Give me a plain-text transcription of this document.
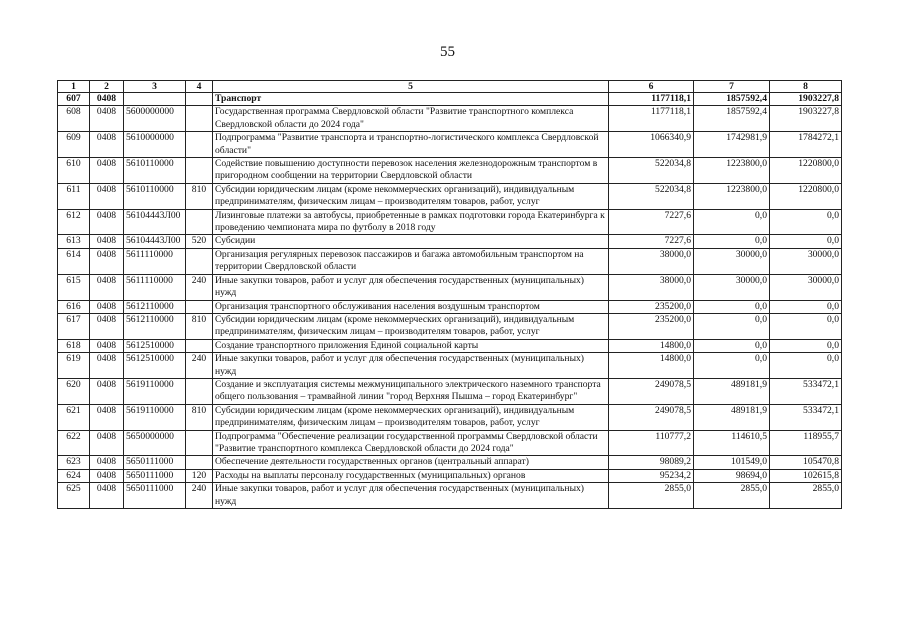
55
1	2	3	4	5	6	7	8
607	0408			Транспорт	1177118,1	1857592,4	1903227,8
608	0408	5600000000		Государственная программа Свердловской области "Развитие транспортного комплекса Свердловской области до 2024 года"	1177118,1	1857592,4	1903227,8
609	0408	5610000000		Подпрограмма "Развитие транспорта и транспортно-логистического комплекса Свердловской области"	1066340,9	1742981,9	1784272,1
610	0408	5610110000		Содействие повышению доступности перевозок населения железнодорожным транспортом в пригородном сообщении на территории Свердловской области	522034,8	1223800,0	1220800,0
611	0408	5610110000	810	Субсидии юридическим лицам (кроме некоммерческих организаций), индивидуальным предпринимателям, физическим лицам – производителям товаров, работ, услуг	522034,8	1223800,0	1220800,0
612	0408	56104443Л00		Лизинговые платежи за автобусы, приобретенные в рамках подготовки города Екатеринбурга к проведению чемпионата мира по футболу в 2018 году	7227,6	0,0	0,0
613	0408	56104443Л00	520	Субсидии	7227,6	0,0	0,0
614	0408	5611110000		Организация регулярных перевозок пассажиров и багажа автомобильным транспортом на территории Свердловской области	38000,0	30000,0	30000,0
615	0408	5611110000	240	Иные закупки товаров, работ и услуг для обеспечения государственных (муниципальных) нужд	38000,0	30000,0	30000,0
616	0408	5612110000		Организация транспортного обслуживания населения воздушным транспортом	235200,0	0,0	0,0
617	0408	5612110000	810	Субсидии юридическим лицам (кроме некоммерческих организаций), индивидуальным предпринимателям, физическим лицам – производителям товаров, работ, услуг	235200,0	0,0	0,0
618	0408	5612510000		Создание транспортного приложения Единой социальной карты	14800,0	0,0	0,0
619	0408	5612510000	240	Иные закупки товаров, работ и услуг для обеспечения государственных (муниципальных) нужд	14800,0	0,0	0,0
620	0408	5619110000		Создание и эксплуатация системы межмуниципального электрического наземного транспорта общего пользования – трамвайной линии "город Верхняя Пышма – город Екатеринбург"	249078,5	489181,9	533472,1
621	0408	5619110000	810	Субсидии юридическим лицам (кроме некоммерческих организаций), индивидуальным предпринимателям, физическим лицам – производителям товаров, работ, услуг	249078,5	489181,9	533472,1
622	0408	5650000000		Подпрограмма "Обеспечение реализации государственной программы Свердловской области "Развитие транспортного комплекса Свердловской области до 2024 года"	110777,2	114610,5	118955,7
623	0408	5650111000		Обеспечение деятельности государственных органов (центральный аппарат)	98089,2	101549,0	105470,8
624	0408	5650111000	120	Расходы на выплаты персоналу государственных (муниципальных) органов	95234,2	98694,0	102615,8
625	0408	5650111000	240	Иные закупки товаров, работ и услуг для обеспечения государственных (муниципальных) нужд	2855,0	2855,0	2855,0
